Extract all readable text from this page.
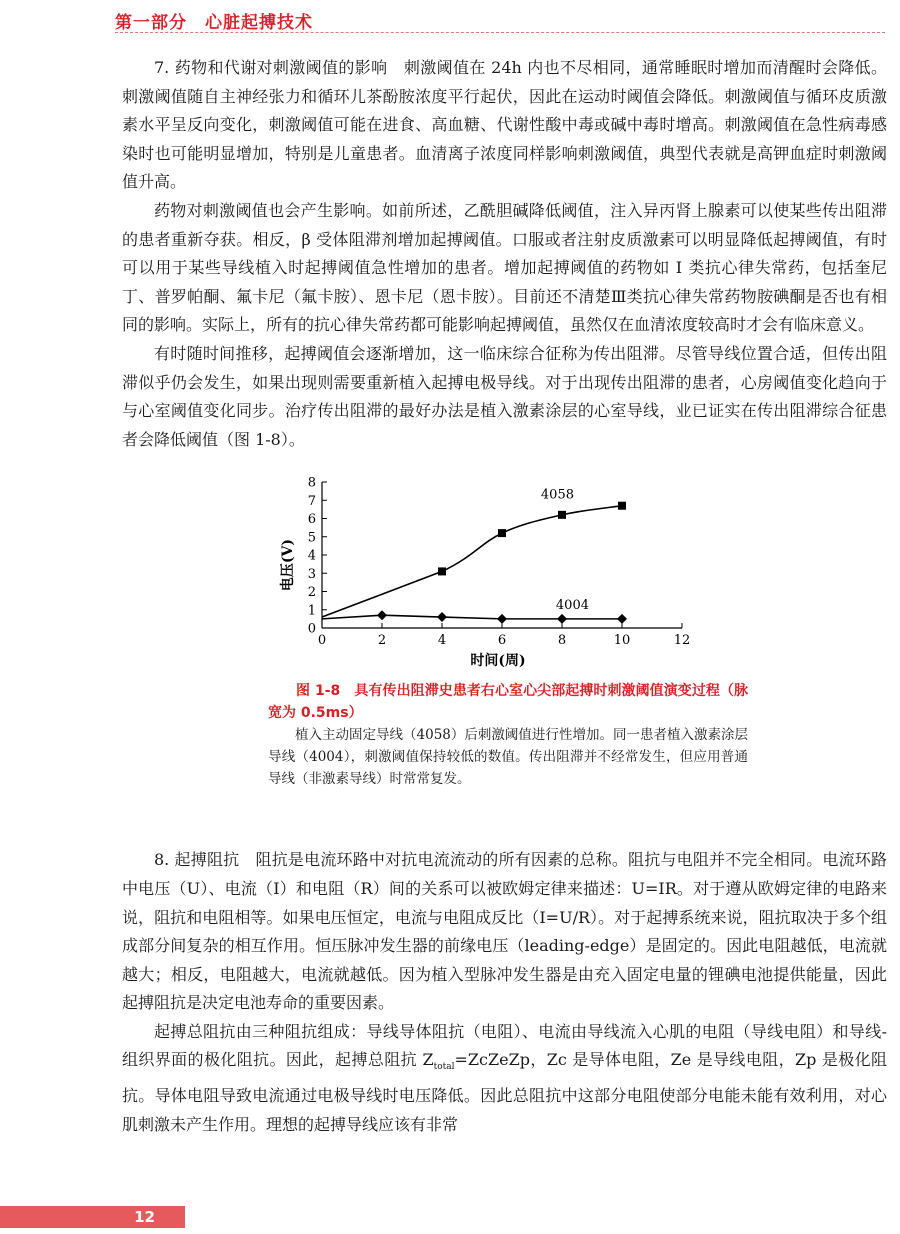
第一部分　心脏起搏技术

7. 药物和代谢对刺激阈值的影响　刺激阈值在 24h 内也不尽相同，通常睡眠时增加而清醒时会降低。刺激阈值随自主神经张力和循环儿茶酚胺浓度平行起伏，因此在运动时阈值会降低。刺激阈值与循环皮质激素水平呈反向变化，刺激阈值可能在进食、高血糖、代谢性酸中毒或碱中毒时增高。刺激阈值在急性病毒感染时也可能明显增加，特别是儿童患者。血清离子浓度同样影响刺激阈值，典型代表就是高钾血症时刺激阈值升高。

药物对刺激阈值也会产生影响。如前所述，乙酰胆碱降低阈值，注入异丙肾上腺素可以使某些传出阻滞的患者重新夺获。相反，β 受体阻滞剂增加起搏阈值。口服或者注射皮质激素可以明显降低起搏阈值，有时可以用于某些导线植入时起搏阈值急性增加的患者。增加起搏阈值的药物如 Ⅰ 类抗心律失常药，包括奎尼丁、普罗帕酮、氟卡尼（氟卡胺）、恩卡尼（恩卡胺）。目前还不清楚Ⅲ类抗心律失常药物胺碘酮是否也有相同的影响。实际上，所有的抗心律失常药都可能影响起搏阈值，虽然仅在血清浓度较高时才会有临床意义。

有时随时间推移，起搏阈值会逐渐增加，这一临床综合征称为传出阻滞。尽管导线位置合适，但传出阻滞似乎仍会发生，如果出现则需要重新植入起搏电极导线。对于出现传出阻滞的患者，心房阈值变化趋向于与心室阈值变化同步。治疗传出阻滞的最好办法是植入激素涂层的心室导线，业已证实在传出阻滞综合征患者会降低阈值（图 1-8）。

0	2	4	6	8	10	12
0
1
2
3
4
5
6
7
8
时间(周)
电压(V)
4058
4004

图 1-8　具有传出阻滞史患者右心室心尖部起搏时刺激阈值演变过程（脉宽为 0.5ms）

植入主动固定导线（4058）后刺激阈值进行性增加。同一患者植入激素涂层导线（4004），刺激阈值保持较低的数值。传出阻滞并不经常发生，但应用普通导线（非激素导线）时常常复发。

8. 起搏阻抗　阻抗是电流环路中对抗电流流动的所有因素的总称。阻抗与电阻并不完全相同。电流环路中电压（U）、电流（I）和电阻（R）间的关系可以被欧姆定律来描述：U=IR。对于遵从欧姆定律的电路来说，阻抗和电阻相等。如果电压恒定，电流与电阻成反比（I=U/R）。对于起搏系统来说，阻抗取决于多个组成部分间复杂的相互作用。恒压脉冲发生器的前缘电压（leading-edge）是固定的。因此电阻越低，电流就越大；相反，电阻越大，电流就越低。因为植入型脉冲发生器是由充入固定电量的锂碘电池提供能量，因此起搏阻抗是决定电池寿命的重要因素。

起搏总阻抗由三种阻抗组成：导线导体阻抗（电阻）、电流由导线流入心肌的电阻（导线电阻）和导线-组织界面的极化阻抗。因此，起搏总阻抗 $Z_{total}=ZcZeZp$，Zc 是导体电阻，Ze 是导线电阻，Zp 是极化阻抗。导体电阻导致电流通过电极导线时电压降低。因此总阻抗中这部分电阻使部分电能未能有效利用，对心肌刺激未产生作用。理想的起搏导线应该有非常

12
